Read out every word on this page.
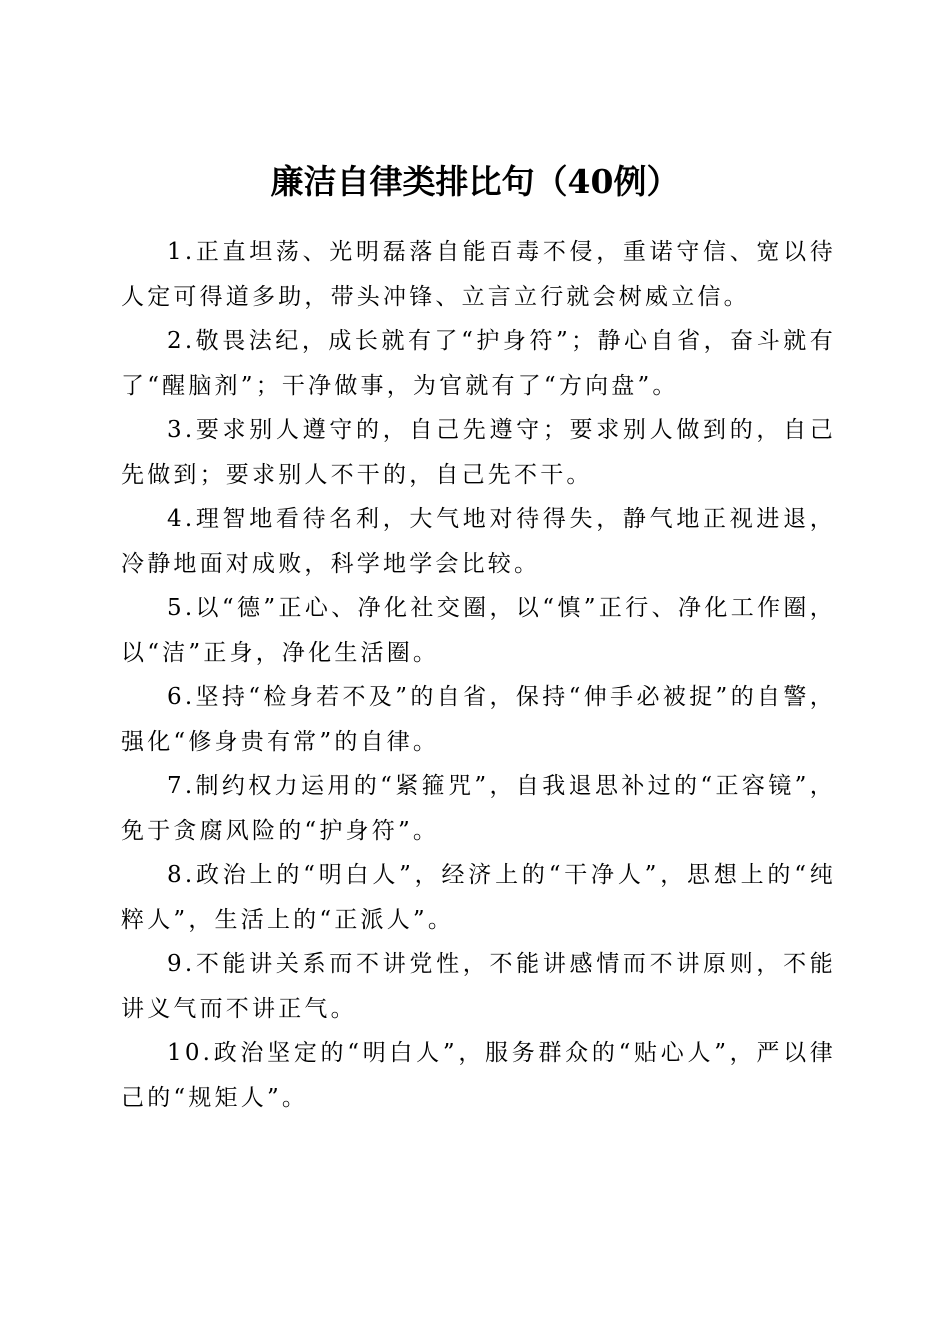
廉洁自律类排比句（40例）

1.正直坦荡、光明磊落自能百毒不侵，重诺守信、宽以待人定可得道多助，带头冲锋、立言立行就会树威立信。

2.敬畏法纪，成长就有了“护身符”；静心自省，奋斗就有了“醒脑剂”；干净做事，为官就有了“方向盘”。

3.要求别人遵守的，自己先遵守；要求别人做到的，自己先做到；要求别人不干的，自己先不干。

4.理智地看待名利，大气地对待得失，静气地正视进退，冷静地面对成败，科学地学会比较。

5.以“德”正心、净化社交圈，以“慎”正行、净化工作圈，以“洁”正身，净化生活圈。

6.坚持“检身若不及”的自省，保持“伸手必被捉”的自警，强化“修身贵有常”的自律。

7.制约权力运用的“紧箍咒”，自我退思补过的“正容镜”，免于贪腐风险的“护身符”。

8.政治上的“明白人”，经济上的“干净人”，思想上的“纯粹人”，生活上的“正派人”。

9.不能讲关系而不讲党性，不能讲感情而不讲原则，不能讲义气而不讲正气。

10.政治坚定的“明白人”，服务群众的“贴心人”，严以律己的“规矩人”。
